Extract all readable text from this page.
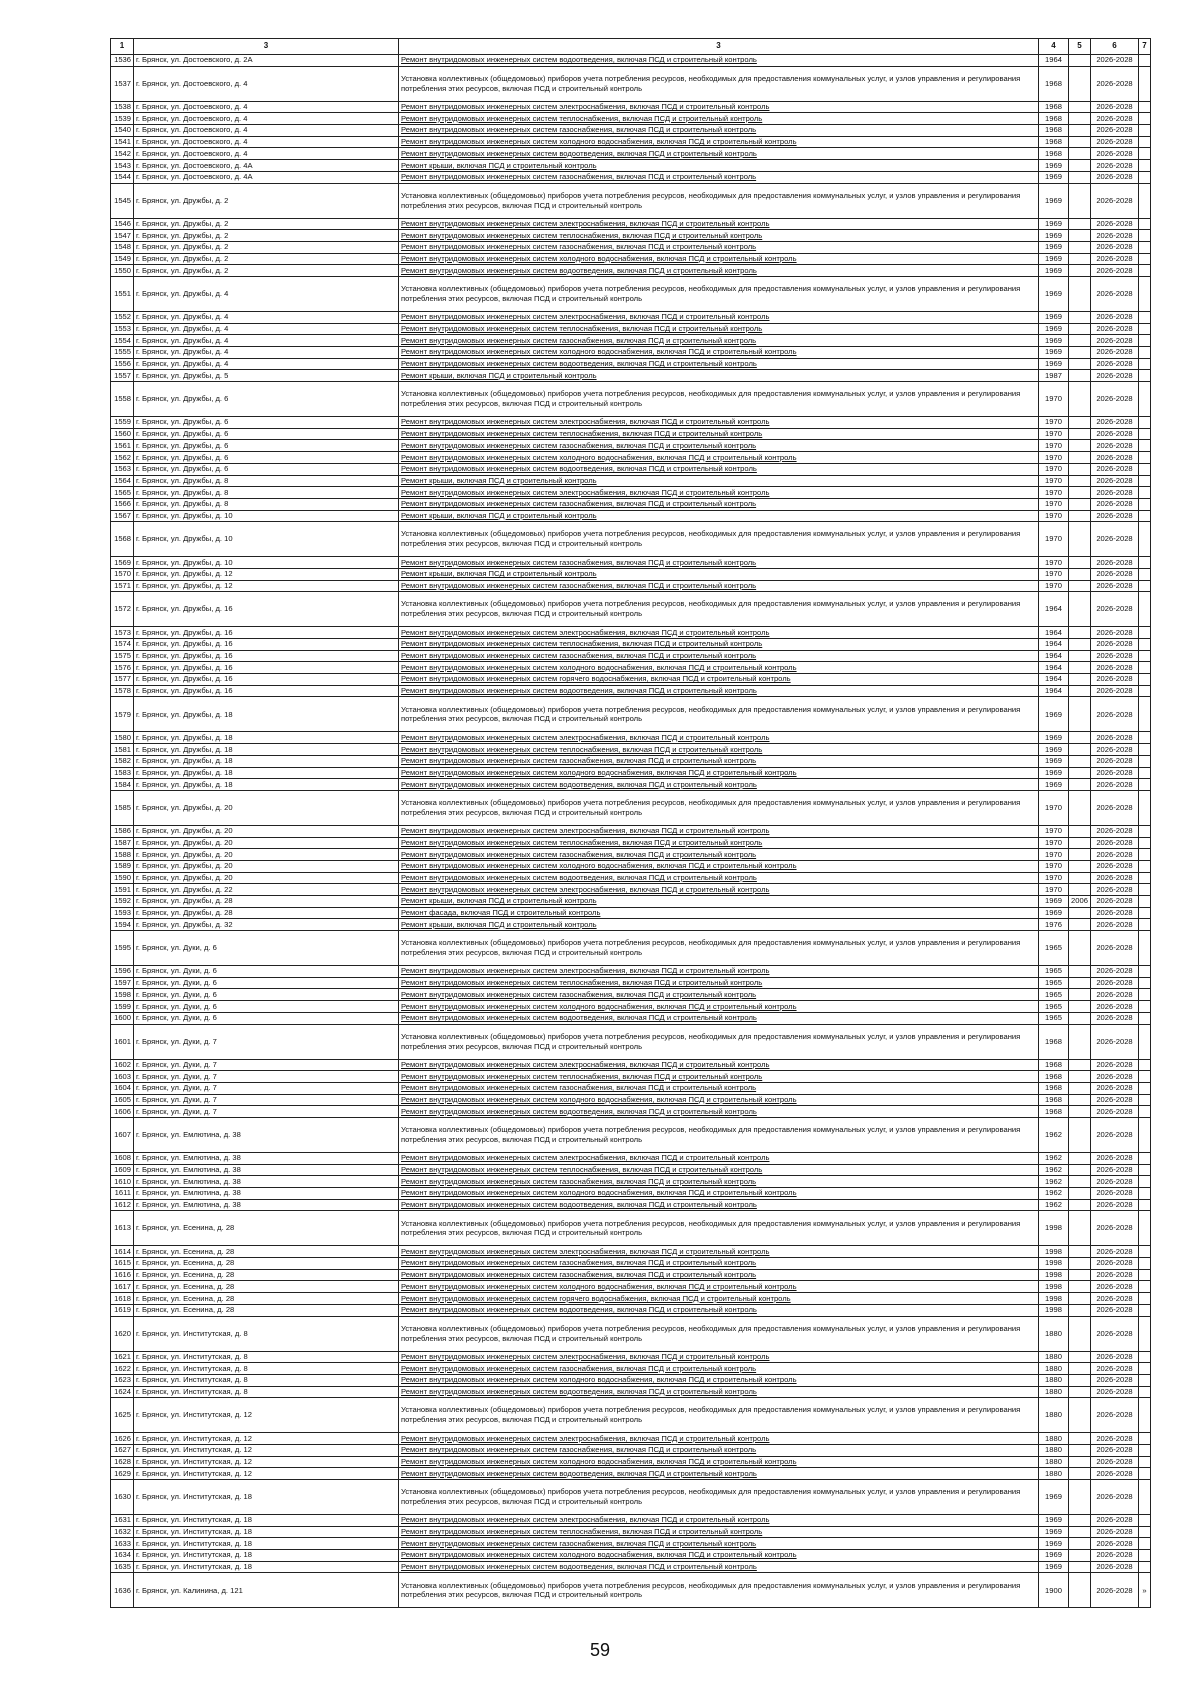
1	3	3	4	5	6	7
1536	г. Брянск, ул. Достоевского, д. 2А	Ремонт внутридомовых инженерных систем водоотведения, включая ПСД и строительный контроль	1964		2026-2028	
1537	г. Брянск, ул. Достоевского, д. 4	Установка коллективных (общедомовых) приборов учета потребления ресурсов, необходимых для предоставления коммунальных услуг, и узлов управления и регулирования потребления этих ресурсов, включая ПСД и строительный контроль	1968		2026-2028	
1538	г. Брянск, ул. Достоевского, д. 4	Ремонт внутридомовых инженерных систем электроснабжения, включая ПСД и строительный контроль	1968		2026-2028	
1539	г. Брянск, ул. Достоевского, д. 4	Ремонт внутридомовых инженерных систем теплоснабжения, включая ПСД и строительный контроль	1968		2026-2028	
1540	г. Брянск, ул. Достоевского, д. 4	Ремонт внутридомовых инженерных систем газоснабжения, включая ПСД и строительный контроль	1968		2026-2028	
1541	г. Брянск, ул. Достоевского, д. 4	Ремонт внутридомовых инженерных систем холодного водоснабжения, включая ПСД и строительный контроль	1968		2026-2028	
1542	г. Брянск, ул. Достоевского, д. 4	Ремонт внутридомовых инженерных систем водоотведения, включая ПСД и строительный контроль	1968		2026-2028	
1543	г. Брянск, ул. Достоевского, д. 4А	Ремонт крыши, включая ПСД и строительный контроль	1969		2026-2028	
1544	г. Брянск, ул. Достоевского, д. 4А	Ремонт внутридомовых инженерных систем газоснабжения, включая ПСД и строительный контроль	1969		2026-2028	
1545	г. Брянск, ул. Дружбы, д. 2	Установка коллективных (общедомовых) приборов учета потребления ресурсов, необходимых для предоставления коммунальных услуг, и узлов управления и регулирования потребления этих ресурсов, включая ПСД и строительный контроль	1969		2026-2028	
1546	г. Брянск, ул. Дружбы, д. 2	Ремонт внутридомовых инженерных систем электроснабжения, включая ПСД и строительный контроль	1969		2026-2028	
1547	г. Брянск, ул. Дружбы, д. 2	Ремонт внутридомовых инженерных систем теплоснабжения, включая ПСД и строительный контроль	1969		2026-2028	
1548	г. Брянск, ул. Дружбы, д. 2	Ремонт внутридомовых инженерных систем газоснабжения, включая ПСД и строительный контроль	1969		2026-2028	
1549	г. Брянск, ул. Дружбы, д. 2	Ремонт внутридомовых инженерных систем холодного водоснабжения, включая ПСД и строительный контроль	1969		2026-2028	
1550	г. Брянск, ул. Дружбы, д. 2	Ремонт внутридомовых инженерных систем водоотведения, включая ПСД и строительный контроль	1969		2026-2028	
1551	г. Брянск, ул. Дружбы, д. 4	Установка коллективных (общедомовых) приборов учета потребления ресурсов, необходимых для предоставления коммунальных услуг, и узлов управления и регулирования потребления этих ресурсов, включая ПСД и строительный контроль	1969		2026-2028	
1552	г. Брянск, ул. Дружбы, д. 4	Ремонт внутридомовых инженерных систем электроснабжения, включая ПСД и строительный контроль	1969		2026-2028	
1553	г. Брянск, ул. Дружбы, д. 4	Ремонт внутридомовых инженерных систем теплоснабжения, включая ПСД и строительный контроль	1969		2026-2028	
1554	г. Брянск, ул. Дружбы, д. 4	Ремонт внутридомовых инженерных систем газоснабжения, включая ПСД и строительный контроль	1969		2026-2028	
1555	г. Брянск, ул. Дружбы, д. 4	Ремонт внутридомовых инженерных систем холодного водоснабжения, включая ПСД и строительный контроль	1969		2026-2028	
1556	г. Брянск, ул. Дружбы, д. 4	Ремонт внутридомовых инженерных систем водоотведения, включая ПСД и строительный контроль	1969		2026-2028	
1557	г. Брянск, ул. Дружбы, д. 5	Ремонт крыши, включая ПСД и строительный контроль	1987		2026-2028	
1558	г. Брянск, ул. Дружбы, д. 6	Установка коллективных (общедомовых) приборов учета потребления ресурсов, необходимых для предоставления коммунальных услуг, и узлов управления и регулирования потребления этих ресурсов, включая ПСД и строительный контроль	1970		2026-2028	
1559	г. Брянск, ул. Дружбы, д. 6	Ремонт внутридомовых инженерных систем электроснабжения, включая ПСД и строительный контроль	1970		2026-2028	
1560	г. Брянск, ул. Дружбы, д. 6	Ремонт внутридомовых инженерных систем теплоснабжения, включая ПСД и строительный контроль	1970		2026-2028	
1561	г. Брянск, ул. Дружбы, д. 6	Ремонт внутридомовых инженерных систем газоснабжения, включая ПСД и строительный контроль	1970		2026-2028	
1562	г. Брянск, ул. Дружбы, д. 6	Ремонт внутридомовых инженерных систем холодного водоснабжения, включая ПСД и строительный контроль	1970		2026-2028	
1563	г. Брянск, ул. Дружбы, д. 6	Ремонт внутридомовых инженерных систем водоотведения, включая ПСД и строительный контроль	1970		2026-2028	
1564	г. Брянск, ул. Дружбы, д. 8	Ремонт крыши, включая ПСД и строительный контроль	1970		2026-2028	
1565	г. Брянск, ул. Дружбы, д. 8	Ремонт внутридомовых инженерных систем электроснабжения, включая ПСД и строительный контроль	1970		2026-2028	
1566	г. Брянск, ул. Дружбы, д. 8	Ремонт внутридомовых инженерных систем газоснабжения, включая ПСД и строительный контроль	1970		2026-2028	
1567	г. Брянск, ул. Дружбы, д. 10	Ремонт крыши, включая ПСД и строительный контроль	1970		2026-2028	
1568	г. Брянск, ул. Дружбы, д. 10	Установка коллективных (общедомовых) приборов учета потребления ресурсов, необходимых для предоставления коммунальных услуг, и узлов управления и регулирования потребления этих ресурсов, включая ПСД и строительный контроль	1970		2026-2028	
1569	г. Брянск, ул. Дружбы, д. 10	Ремонт внутридомовых инженерных систем газоснабжения, включая ПСД и строительный контроль	1970		2026-2028	
1570	г. Брянск, ул. Дружбы, д. 12	Ремонт крыши, включая ПСД и строительный контроль	1970		2026-2028	
1571	г. Брянск, ул. Дружбы, д. 12	Ремонт внутридомовых инженерных систем газоснабжения, включая ПСД и строительный контроль	1970		2026-2028	
1572	г. Брянск, ул. Дружбы, д. 16	Установка коллективных (общедомовых) приборов учета потребления ресурсов, необходимых для предоставления коммунальных услуг, и узлов управления и регулирования потребления этих ресурсов, включая ПСД и строительный контроль	1964		2026-2028	
1573	г. Брянск, ул. Дружбы, д. 16	Ремонт внутридомовых инженерных систем электроснабжения, включая ПСД и строительный контроль	1964		2026-2028	
1574	г. Брянск, ул. Дружбы, д. 16	Ремонт внутридомовых инженерных систем теплоснабжения, включая ПСД и строительный контроль	1964		2026-2028	
1575	г. Брянск, ул. Дружбы, д. 16	Ремонт внутридомовых инженерных систем газоснабжения, включая ПСД и строительный контроль	1964		2026-2028	
1576	г. Брянск, ул. Дружбы, д. 16	Ремонт внутридомовых инженерных систем холодного водоснабжения, включая ПСД и строительный контроль	1964		2026-2028	
1577	г. Брянск, ул. Дружбы, д. 16	Ремонт внутридомовых инженерных систем горячего водоснабжения, включая ПСД и строительный контроль	1964		2026-2028	
1578	г. Брянск, ул. Дружбы, д. 16	Ремонт внутридомовых инженерных систем водоотведения, включая ПСД и строительный контроль	1964		2026-2028	
1579	г. Брянск, ул. Дружбы, д. 18	Установка коллективных (общедомовых) приборов учета потребления ресурсов, необходимых для предоставления коммунальных услуг, и узлов управления и регулирования потребления этих ресурсов, включая ПСД и строительный контроль	1969		2026-2028	
1580	г. Брянск, ул. Дружбы, д. 18	Ремонт внутридомовых инженерных систем электроснабжения, включая ПСД и строительный контроль	1969		2026-2028	
1581	г. Брянск, ул. Дружбы, д. 18	Ремонт внутридомовых инженерных систем теплоснабжения, включая ПСД и строительный контроль	1969		2026-2028	
1582	г. Брянск, ул. Дружбы, д. 18	Ремонт внутридомовых инженерных систем газоснабжения, включая ПСД и строительный контроль	1969		2026-2028	
1583	г. Брянск, ул. Дружбы, д. 18	Ремонт внутридомовых инженерных систем холодного водоснабжения, включая ПСД и строительный контроль	1969		2026-2028	
1584	г. Брянск, ул. Дружбы, д. 18	Ремонт внутридомовых инженерных систем водоотведения, включая ПСД и строительный контроль	1969		2026-2028	
1585	г. Брянск, ул. Дружбы, д. 20	Установка коллективных (общедомовых) приборов учета потребления ресурсов, необходимых для предоставления коммунальных услуг, и узлов управления и регулирования потребления этих ресурсов, включая ПСД и строительный контроль	1970		2026-2028	
1586	г. Брянск, ул. Дружбы, д. 20	Ремонт внутридомовых инженерных систем электроснабжения, включая ПСД и строительный контроль	1970		2026-2028	
1587	г. Брянск, ул. Дружбы, д. 20	Ремонт внутридомовых инженерных систем теплоснабжения, включая ПСД и строительный контроль	1970		2026-2028	
1588	г. Брянск, ул. Дружбы, д. 20	Ремонт внутридомовых инженерных систем газоснабжения, включая ПСД и строительный контроль	1970		2026-2028	
1589	г. Брянск, ул. Дружбы, д. 20	Ремонт внутридомовых инженерных систем холодного водоснабжения, включая ПСД и строительный контроль	1970		2026-2028	
1590	г. Брянск, ул. Дружбы, д. 20	Ремонт внутридомовых инженерных систем водоотведения, включая ПСД и строительный контроль	1970		2026-2028	
1591	г. Брянск, ул. Дружбы, д. 22	Ремонт внутридомовых инженерных систем электроснабжения, включая ПСД и строительный контроль	1970		2026-2028	
1592	г. Брянск, ул. Дружбы, д. 28	Ремонт крыши, включая ПСД и строительный контроль	1969	2006	2026-2028	
1593	г. Брянск, ул. Дружбы, д. 28	Ремонт фасада, включая ПСД и строительный контроль	1969		2026-2028	
1594	г. Брянск, ул. Дружбы, д. 32	Ремонт крыши, включая ПСД и строительный контроль	1976		2026-2028	
1595	г. Брянск, ул. Дуки, д. 6	Установка коллективных (общедомовых) приборов учета потребления ресурсов, необходимых для предоставления коммунальных услуг, и узлов управления и регулирования потребления этих ресурсов, включая ПСД и строительный контроль	1965		2026-2028	
1596	г. Брянск, ул. Дуки, д. 6	Ремонт внутридомовых инженерных систем электроснабжения, включая ПСД и строительный контроль	1965		2026-2028	
1597	г. Брянск, ул. Дуки, д. 6	Ремонт внутридомовых инженерных систем теплоснабжения, включая ПСД и строительный контроль	1965		2026-2028	
1598	г. Брянск, ул. Дуки, д. 6	Ремонт внутридомовых инженерных систем газоснабжения, включая ПСД и строительный контроль	1965		2026-2028	
1599	г. Брянск, ул. Дуки, д. 6	Ремонт внутридомовых инженерных систем холодного водоснабжения, включая ПСД и строительный контроль	1965		2026-2028	
1600	г. Брянск, ул. Дуки, д. 6	Ремонт внутридомовых инженерных систем водоотведения, включая ПСД и строительный контроль	1965		2026-2028	
1601	г. Брянск, ул. Дуки, д. 7	Установка коллективных (общедомовых) приборов учета потребления ресурсов, необходимых для предоставления коммунальных услуг, и узлов управления и регулирования потребления этих ресурсов, включая ПСД и строительный контроль	1968		2026-2028	
1602	г. Брянск, ул. Дуки, д. 7	Ремонт внутридомовых инженерных систем электроснабжения, включая ПСД и строительный контроль	1968		2026-2028	
1603	г. Брянск, ул. Дуки, д. 7	Ремонт внутридомовых инженерных систем теплоснабжения, включая ПСД и строительный контроль	1968		2026-2028	
1604	г. Брянск, ул. Дуки, д. 7	Ремонт внутридомовых инженерных систем газоснабжения, включая ПСД и строительный контроль	1968		2026-2028	
1605	г. Брянск, ул. Дуки, д. 7	Ремонт внутридомовых инженерных систем холодного водоснабжения, включая ПСД и строительный контроль	1968		2026-2028	
1606	г. Брянск, ул. Дуки, д. 7	Ремонт внутридомовых инженерных систем водоотведения, включая ПСД и строительный контроль	1968		2026-2028	
1607	г. Брянск, ул. Емлютина, д. 38	Установка коллективных (общедомовых) приборов учета потребления ресурсов, необходимых для предоставления коммунальных услуг, и узлов управления и регулирования потребления этих ресурсов, включая ПСД и строительный контроль	1962		2026-2028	
1608	г. Брянск, ул. Емлютина, д. 38	Ремонт внутридомовых инженерных систем электроснабжения, включая ПСД и строительный контроль	1962		2026-2028	
1609	г. Брянск, ул. Емлютина, д. 38	Ремонт внутридомовых инженерных систем теплоснабжения, включая ПСД и строительный контроль	1962		2026-2028	
1610	г. Брянск, ул. Емлютина, д. 38	Ремонт внутридомовых инженерных систем газоснабжения, включая ПСД и строительный контроль	1962		2026-2028	
1611	г. Брянск, ул. Емлютина, д. 38	Ремонт внутридомовых инженерных систем холодного водоснабжения, включая ПСД и строительный контроль	1962		2026-2028	
1612	г. Брянск, ул. Емлютина, д. 38	Ремонт внутридомовых инженерных систем водоотведения, включая ПСД и строительный контроль	1962		2026-2028	
1613	г. Брянск, ул. Есенина, д. 28	Установка коллективных (общедомовых) приборов учета потребления ресурсов, необходимых для предоставления коммунальных услуг, и узлов управления и регулирования потребления этих ресурсов, включая ПСД и строительный контроль	1998		2026-2028	
1614	г. Брянск, ул. Есенина, д. 28	Ремонт внутридомовых инженерных систем электроснабжения, включая ПСД и строительный контроль	1998		2026-2028	
1615	г. Брянск, ул. Есенина, д. 28	Ремонт внутридомовых инженерных систем газоснабжения, включая ПСД и строительный контроль	1998		2026-2028	
1616	г. Брянск, ул. Есенина, д. 28	Ремонт внутридомовых инженерных систем газоснабжения, включая ПСД и строительный контроль	1998		2026-2028	
1617	г. Брянск, ул. Есенина, д. 28	Ремонт внутридомовых инженерных систем холодного водоснабжения, включая ПСД и строительный контроль	1998		2026-2028	
1618	г. Брянск, ул. Есенина, д. 28	Ремонт внутридомовых инженерных систем горячего водоснабжения, включая ПСД и строительный контроль	1998		2026-2028	
1619	г. Брянск, ул. Есенина, д. 28	Ремонт внутридомовых инженерных систем водоотведения, включая ПСД и строительный контроль	1998		2026-2028	
1620	г. Брянск, ул. Институтская, д. 8	Установка коллективных (общедомовых) приборов учета потребления ресурсов, необходимых для предоставления коммунальных услуг, и узлов управления и регулирования потребления этих ресурсов, включая ПСД и строительный контроль	1880		2026-2028	
1621	г. Брянск, ул. Институтская, д. 8	Ремонт внутридомовых инженерных систем электроснабжения, включая ПСД и строительный контроль	1880		2026-2028	
1622	г. Брянск, ул. Институтская, д. 8	Ремонт внутридомовых инженерных систем газоснабжения, включая ПСД и строительный контроль	1880		2026-2028	
1623	г. Брянск, ул. Институтская, д. 8	Ремонт внутридомовых инженерных систем холодного водоснабжения, включая ПСД и строительный контроль	1880		2026-2028	
1624	г. Брянск, ул. Институтская, д. 8	Ремонт внутридомовых инженерных систем водоотведения, включая ПСД и строительный контроль	1880		2026-2028	
1625	г. Брянск, ул. Институтская, д. 12	Установка коллективных (общедомовых) приборов учета потребления ресурсов, необходимых для предоставления коммунальных услуг, и узлов управления и регулирования потребления этих ресурсов, включая ПСД и строительный контроль	1880		2026-2028	
1626	г. Брянск, ул. Институтская, д. 12	Ремонт внутридомовых инженерных систем электроснабжения, включая ПСД и строительный контроль	1880		2026-2028	
1627	г. Брянск, ул. Институтская, д. 12	Ремонт внутридомовых инженерных систем газоснабжения, включая ПСД и строительный контроль	1880		2026-2028	
1628	г. Брянск, ул. Институтская, д. 12	Ремонт внутридомовых инженерных систем холодного водоснабжения, включая ПСД и строительный контроль	1880		2026-2028	
1629	г. Брянск, ул. Институтская, д. 12	Ремонт внутридомовых инженерных систем водоотведения, включая ПСД и строительный контроль	1880		2026-2028	
1630	г. Брянск, ул. Институтская, д. 18	Установка коллективных (общедомовых) приборов учета потребления ресурсов, необходимых для предоставления коммунальных услуг, и узлов управления и регулирования потребления этих ресурсов, включая ПСД и строительный контроль	1969		2026-2028	
1631	г. Брянск, ул. Институтская, д. 18	Ремонт внутридомовых инженерных систем электроснабжения, включая ПСД и строительный контроль	1969		2026-2028	
1632	г. Брянск, ул. Институтская, д. 18	Ремонт внутридомовых инженерных систем теплоснабжения, включая ПСД и строительный контроль	1969		2026-2028	
1633	г. Брянск, ул. Институтская, д. 18	Ремонт внутридомовых инженерных систем газоснабжения, включая ПСД и строительный контроль	1969		2026-2028	
1634	г. Брянск, ул. Институтская, д. 18	Ремонт внутридомовых инженерных систем холодного водоснабжения, включая ПСД и строительный контроль	1969		2026-2028	
1635	г. Брянск, ул. Институтская, д. 18	Ремонт внутридомовых инженерных систем водоотведения, включая ПСД и строительный контроль	1969		2026-2028	
1636	г. Брянск, ул. Калинина, д. 121	Установка коллективных (общедомовых) приборов учета потребления ресурсов, необходимых для предоставления коммунальных услуг, и узлов управления и регулирования потребления этих ресурсов, включая ПСД и строительный контроль	1900		2026-2028	»
59
